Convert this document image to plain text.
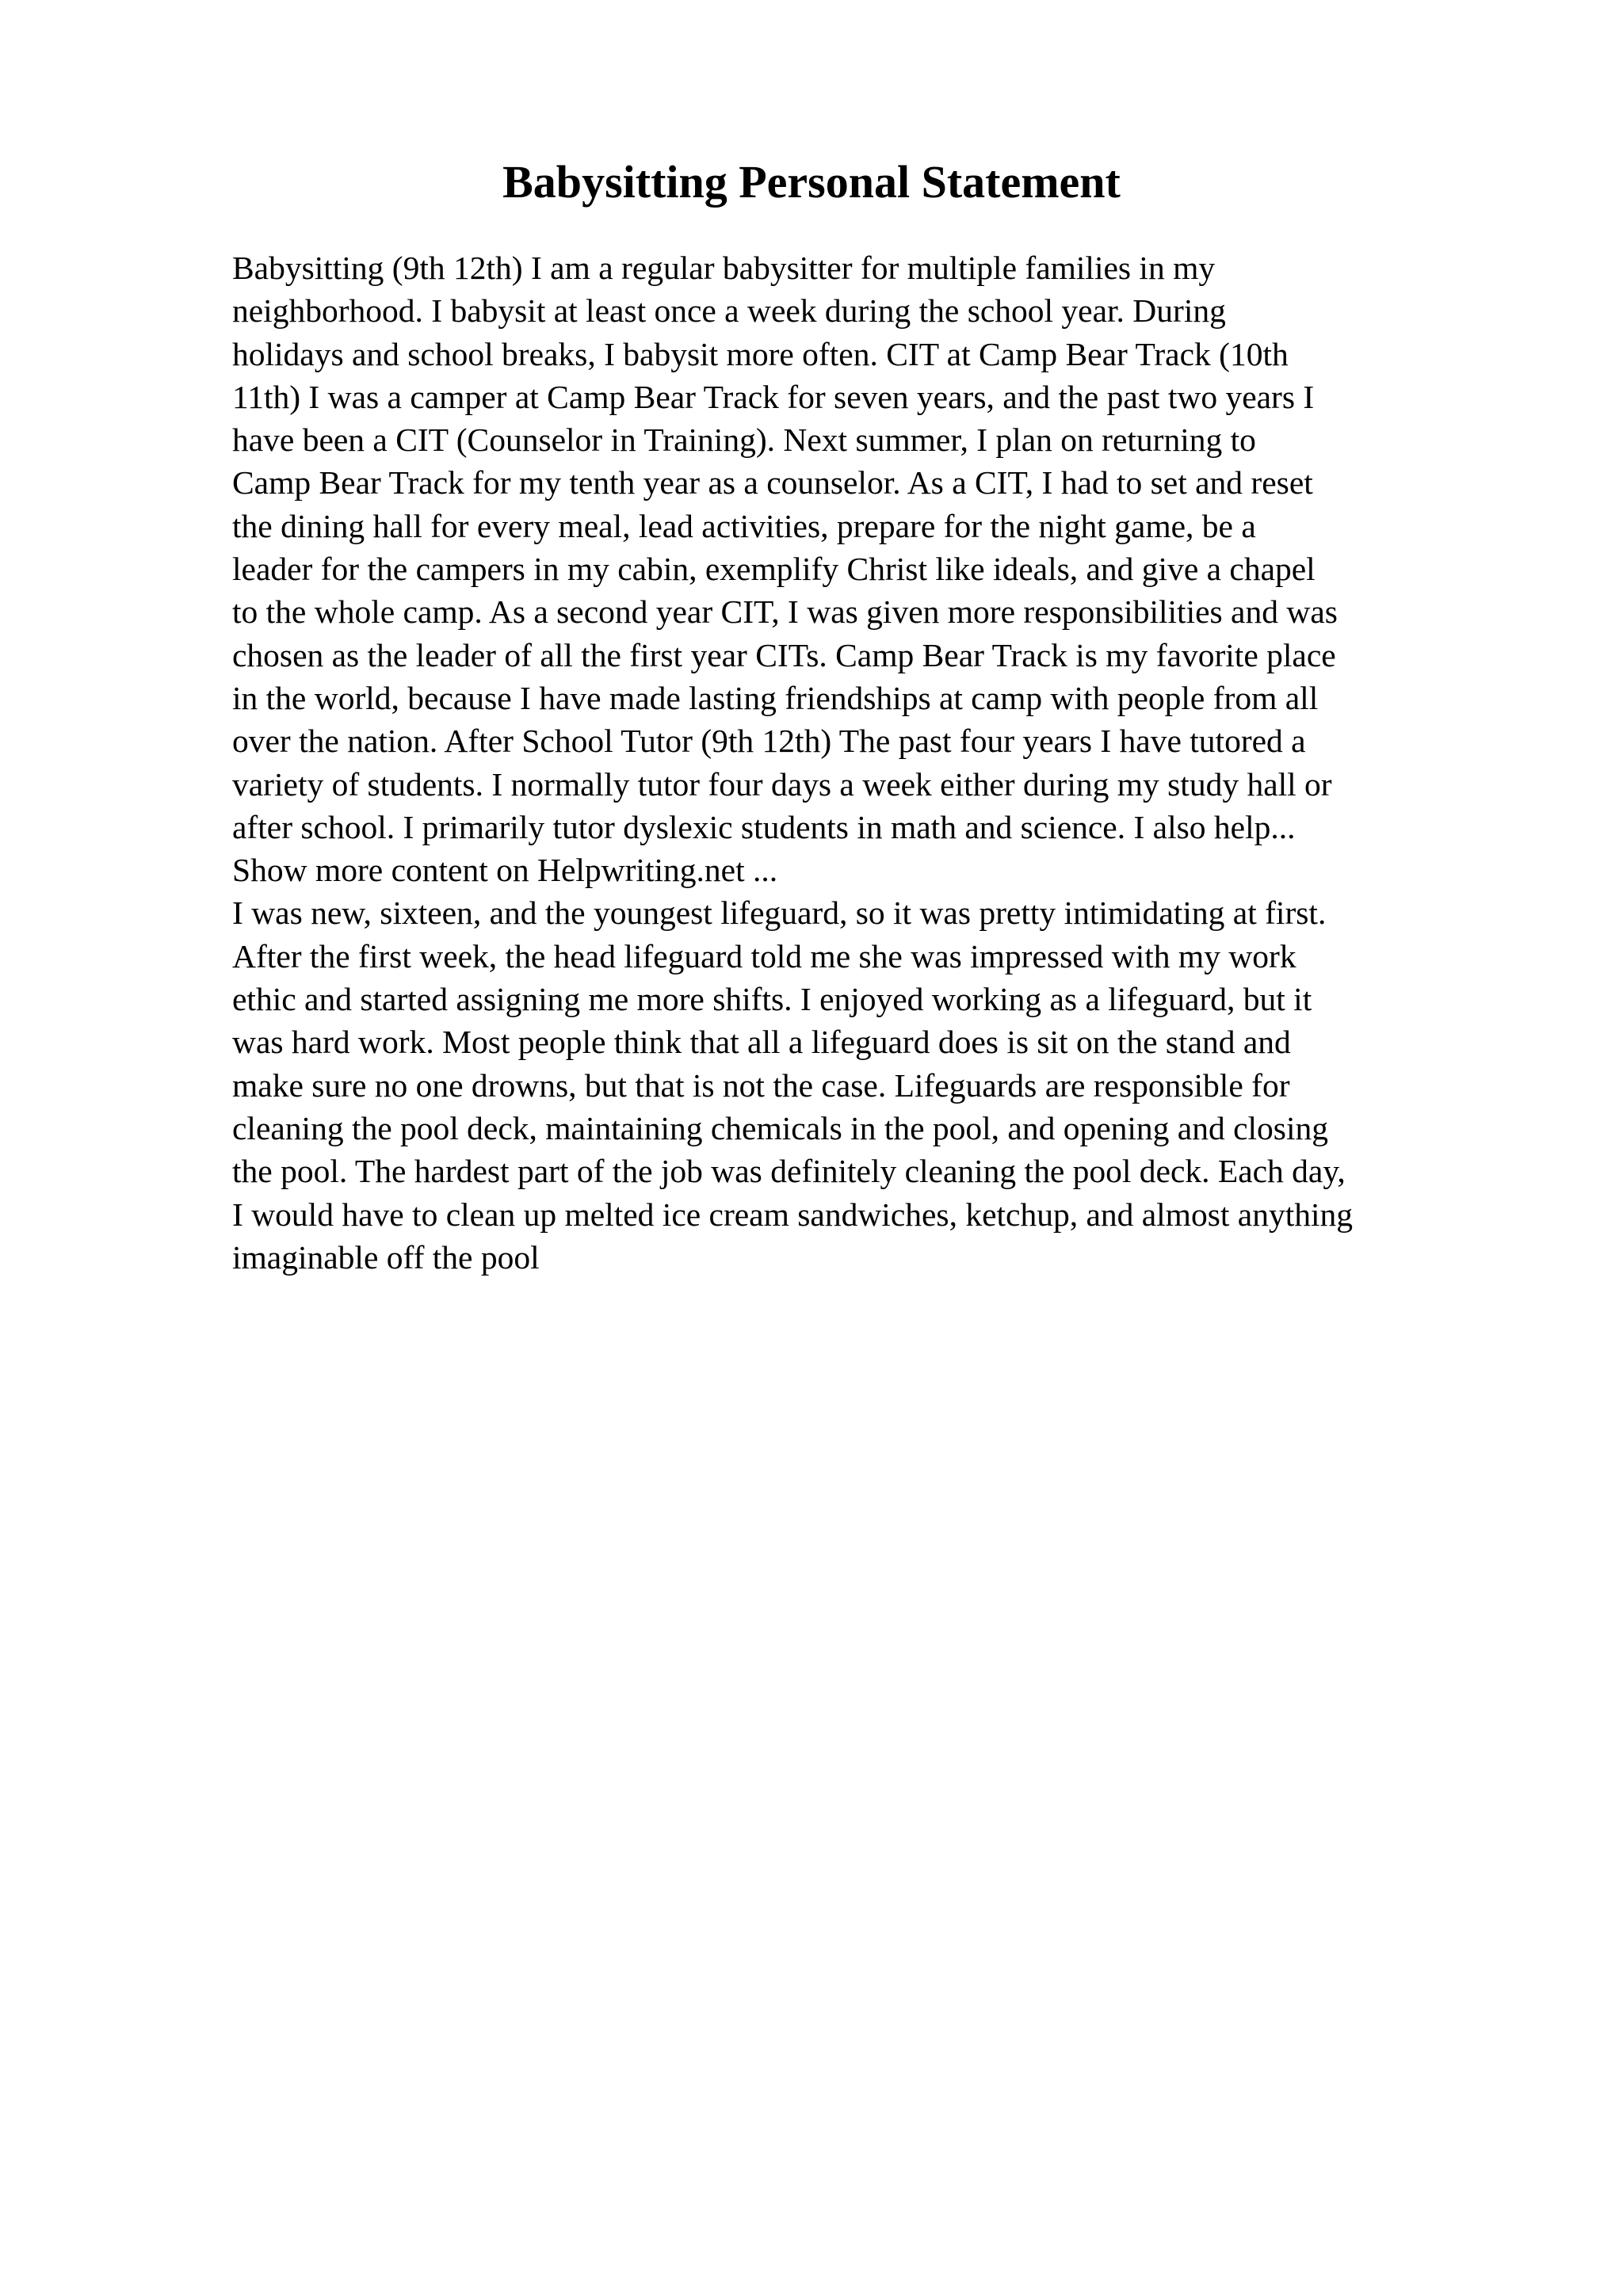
Babysitting Personal Statement
Babysitting (9th 12th) I am a regular babysitter for multiple families in my
neighborhood. I babysit at least once a week during the school year. During
holidays and school breaks, I babysit more often. CIT at Camp Bear Track (10th
11th) I was a camper at Camp Bear Track for seven years, and the past two years I
have been a CIT (Counselor in Training). Next summer, I plan on returning to
Camp Bear Track for my tenth year as a counselor. As a CIT, I had to set and reset
the dining hall for every meal, lead activities, prepare for the night game, be a
leader for the campers in my cabin, exemplify Christ like ideals, and give a chapel
to the whole camp. As a second year CIT, I was given more responsibilities and was
chosen as the leader of all the first year CITs. Camp Bear Track is my favorite place
in the world, because I have made lasting friendships at camp with people from all
over the nation. After School Tutor (9th 12th) The past four years I have tutored a
variety of students. I normally tutor four days a week either during my study hall or
after school. I primarily tutor dyslexic students in math and science. I also help...
Show more content on Helpwriting.net ...
I was new, sixteen, and the youngest lifeguard, so it was pretty intimidating at first.
After the first week, the head lifeguard told me she was impressed with my work
ethic and started assigning me more shifts. I enjoyed working as a lifeguard, but it
was hard work. Most people think that all a lifeguard does is sit on the stand and
make sure no one drowns, but that is not the case. Lifeguards are responsible for
cleaning the pool deck, maintaining chemicals in the pool, and opening and closing
the pool. The hardest part of the job was definitely cleaning the pool deck. Each day,
I would have to clean up melted ice cream sandwiches, ketchup, and almost anything
imaginable off the pool
